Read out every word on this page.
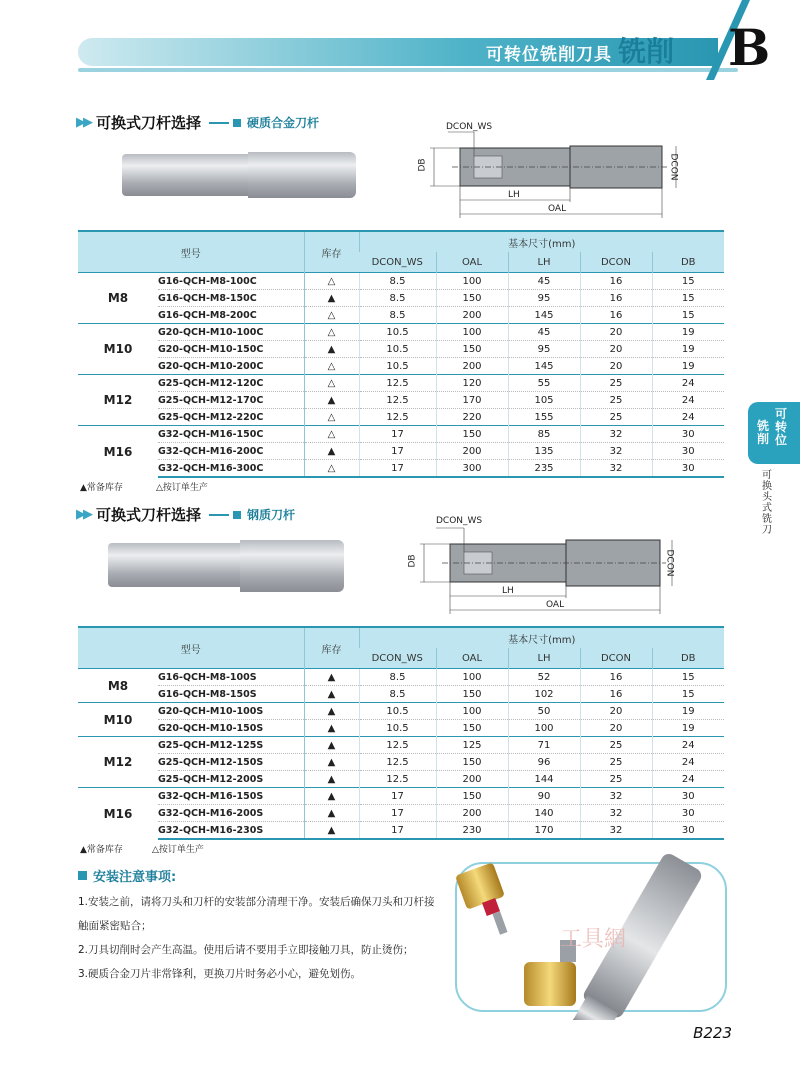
可转位铣削刀具 铣削 B
▶▶ 可换式刀杆选择	硬质合金刀杆	DCON_WS
DB	DCON
LH
OAL
型号		库存	基本尺寸(mm)				
			DCON_WS	OAL	LH	DCON	DB
M8	G16-QCH-M8-100C	△	8.5	100	45	16	15
	G16-QCH-M8-150C	▲	8.5	150	95	16	15
	G16-QCH-M8-200C	△	8.5	200	145	16	15
M10	G20-QCH-M10-100C	△	10.5	100	45	20	19
	G20-QCH-M10-150C	▲	10.5	150	95	20	19
	G20-QCH-M10-200C	△	10.5	200	145	20	19
M12	G25-QCH-M12-120C	△	12.5	120	55	25	24
	G25-QCH-M12-170C	▲	12.5	170	105	25	24
	G25-QCH-M12-220C	△	12.5	220	155	25	24
M16	G32-QCH-M16-150C	△	17	150	85	32	30
	G32-QCH-M16-200C	▲	17	200	135	32	30
	G32-QCH-M16-300C	△	17	300	235	32	30
▲常备库存	△按订单生产
可转位
铣削
可换头式铣刀
▶▶ 可换式刀杆选择	钢质刀杆	DCON_WS
DB	DCON
LH
OAL
型号		库存	基本尺寸(mm)				
			DCON_WS	OAL	LH	DCON	DB
M8	G16-QCH-M8-100S	▲	8.5	100	52	16	15
	G16-QCH-M8-150S	▲	8.5	150	102	16	15
M10	G20-QCH-M10-100S	▲	10.5	100	50	20	19
	G20-QCH-M10-150S	▲	10.5	150	100	20	19
M12	G25-QCH-M12-125S	▲	12.5	125	71	25	24
	G25-QCH-M12-150S	▲	12.5	150	96	25	24
	G25-QCH-M12-200S	▲	12.5	200	144	25	24
M16	G32-QCH-M16-150S	▲	17	150	90	32	30
	G32-QCH-M16-200S	▲	17	200	140	32	30
	G32-QCH-M16-230S	▲	17	230	170	32	30
▲常备库存	△按订单生产
安装注意事项:
1.安装之前，请将刀头和刀杆的安装部分清理干净。安装后确保刀头和刀杆接触面紧密贴合；
2.刀具切削时会产生高温。使用后请不要用手立即接触刀具，防止烫伤；
3.硬质合金刀片非常锋利，更换刀片时务必小心，避免划伤。
工具網
B223
